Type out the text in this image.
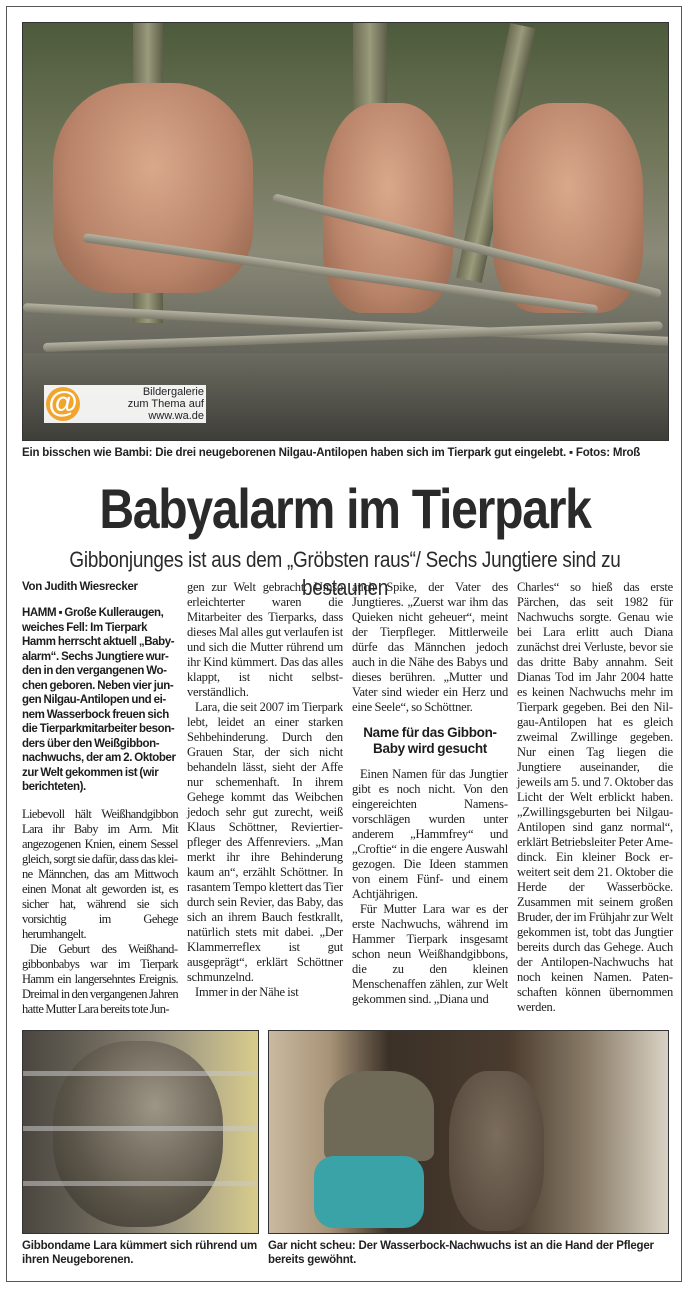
@	Bildergalerie
zum Thema auf
www.wa.de
Ein bisschen wie Bambi: Die drei neugeborenen Nilgau-Antilopen haben sich im Tierpark gut eingelebt. ▪ Fotos: Mroß
Babyalarm im Tierpark
Gibbonjunges ist aus dem „Gröbsten raus“/ Sechs Jungtiere sind zu bestaunen
Von Judith Wiesrecker
HAMM ▪ Große Kulleraugen, weiches Fell: Im Tierpark Hamm herrscht aktuell „Babyalarm“. Sechs Jungtiere wurden in den vergangenen Wochen geboren. Neben vier jungen Nilgau-Antilopen und einem Wasserbock freuen sich die Tierparkmitarbeiter besonders über den Weißgibbonnachwuchs, der am 2. Oktober zur Welt gekommen ist (wir berichteten).

Liebevoll hält Weißhandgibbon Lara ihr Baby im Arm. Mit angezogenen Knien, einem Sessel gleich, sorgt sie dafür, dass das kleine Männchen, das am Mittwoch einen Monat alt geworden ist, es sicher hat, während sie sich vorsichtig im Gehege herumhangelt.

Die Geburt des Weißhandgibbonbabys war im Tierpark Hamm ein langersehntes Ereignis. Dreimal in den vergangenen Jahren hatte Mutter Lara bereits tote Jun-

gen zur Welt gebracht. Umso erleichterter waren die Mitarbeiter des Tierparks, dass dieses Mal alles gut verlaufen ist und sich die Mutter rührend um ihr Kind kümmert. Das das alles klappt, ist nicht selbstverständlich.

Lara, die seit 2007 im Tierpark lebt, leidet an einer starken Sehbehinderung. Durch den Grauen Star, der sich nicht behandeln lässt, sieht der Affe nur schemenhaft. In ihrem Gehege kommt das Weibchen jedoch sehr gut zurecht, weiß Klaus Schöttner, Reviertierpfleger des Affenreviers. „Man merkt ihr ihre Behinderung kaum an“, erzählt Schöttner. In rasantem Tempo klettert das Tier durch sein Revier, das Baby, das sich an ihrem Bauch festkrallt, natürlich stets mit dabei. „Der Klammerreflex ist gut ausgeprägt“, erklärt Schöttner schmunzelnd.

Immer in der Nähe ist

auch Spike, der Vater des Jungtieres. „Zuerst war ihm das Quieken nicht geheuer“, meint der Tierpfleger. Mittlerweile dürfe das Männchen jedoch auch in die Nähe des Babys und dieses berühren. „Mutter und Vater sind wieder ein Herz und eine Seele“, so Schöttner.

Name für das Gibbon-Baby wird gesucht

Einen Namen für das Jungtier gibt es noch nicht. Von den eingereichten Namensvorschlägen wurden unter anderem „Hammfrey“ und „Croftie“ in die engere Auswahl gezogen. Die Ideen stammen von einem Fünf- und einem Achtjährigen.

Für Mutter Lara war es der erste Nachwuchs, während im Hammer Tierpark insgesamt schon neun Weißhandgibbons, die zu den kleinen Menschenaffen zählen, zur Welt gekommen sind. „Diana und

Charles“ so hieß das erste Pärchen, das seit 1982 für Nachwuchs sorgte. Genau wie bei Lara erlitt auch Diana zunächst drei Verluste, bevor sie das dritte Baby annahm. Seit Dianas Tod im Jahr 2004 hatte es keinen Nachwuchs mehr im Tierpark gegeben. Bei den Nilgau-Antilopen hat es gleich zweimal Zwillinge gegeben. Nur einen Tag liegen die Jungtiere auseinander, die jeweils am 5. und 7. Oktober das Licht der Welt erblickt haben. „Zwillingsgeburten bei Nilgau-Antilopen sind ganz normal“, erklärt Betriebsleiter Peter Amedinck. Ein kleiner Bock erweitert seit dem 21. Oktober die Herde der Wasserböcke. Zusammen mit seinem großen Bruder, der im Frühjahr zur Welt gekommen ist, tobt das Jungtier bereits durch das Gehege. Auch der Antilopen-Nachwuchs hat noch keinen Namen. Patenschaften können übernommen werden.

Gibbondame Lara kümmert sich rührend um ihren Neugeborenen.
Gar nicht scheu: Der Wasserbock-Nachwuchs ist an die Hand der Pfleger bereits gewöhnt.
